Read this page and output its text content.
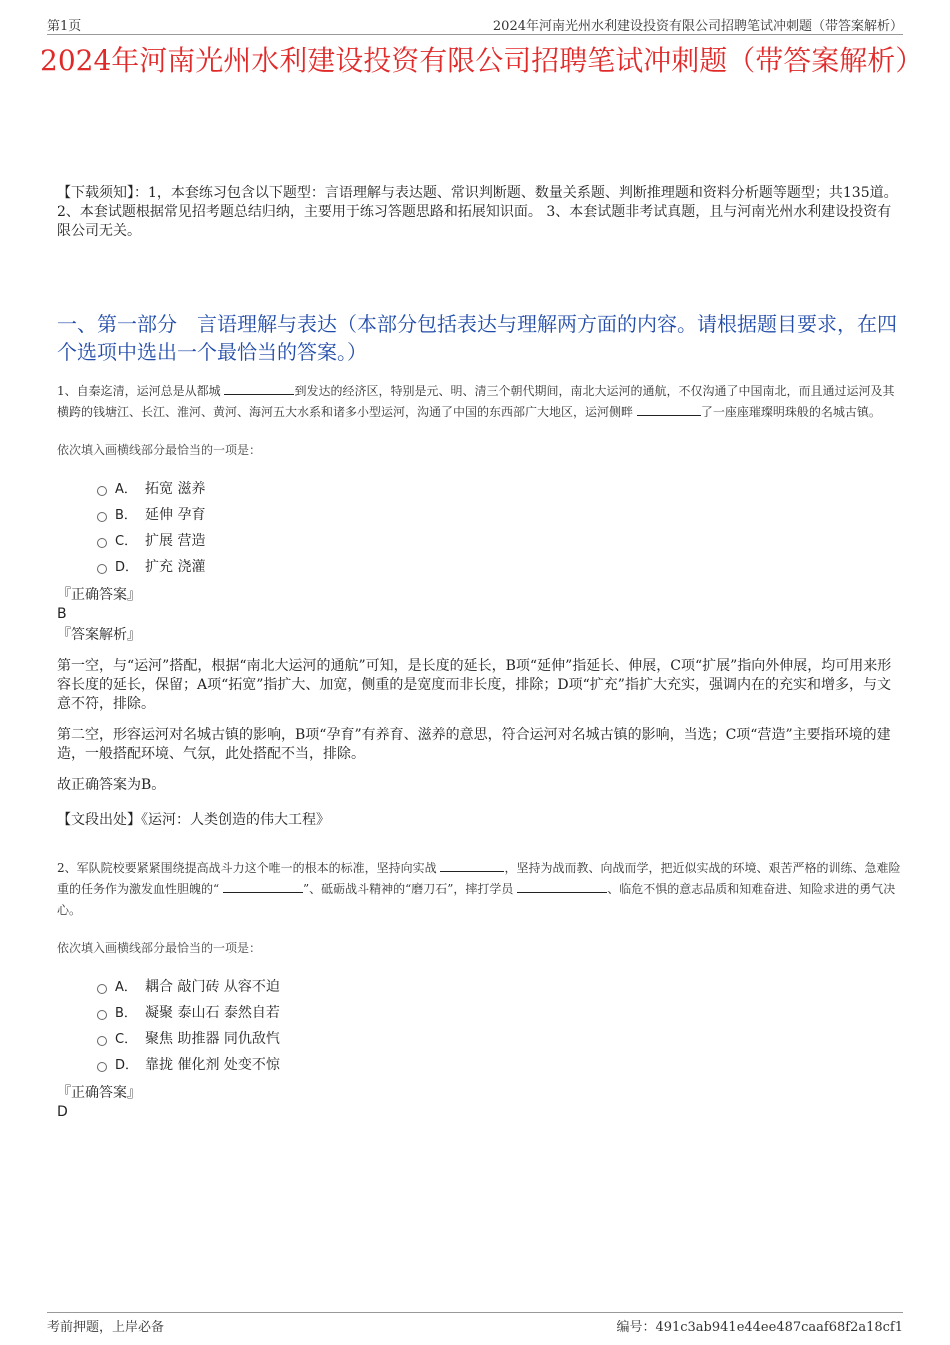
第1页	2024年河南光州水利建设投资有限公司招聘笔试冲刺题（带答案解析）
2024年河南光州水利建设投资有限公司招聘笔试冲刺题（带答案解析）
【下载须知】：1，本套练习包含以下题型：言语理解与表达题、常识判断题、数量关系题、判断推理题和资料分析题等题型；共135道。 2、本套试题根据常见招考题总结归纳，主要用于练习答题思路和拓展知识面。 3、本套试题非考试真题，且与河南光州水利建设投资有限公司无关。
一、第一部分　言语理解与表达（本部分包括表达与理解两方面的内容。请根据题目要求，在四个选项中选出一个最恰当的答案。）

1、自秦迄清，运河总是从都城	到发达的经济区，特别是元、明、清三个朝代期间，南北大运河的通航，不仅沟通了中国南北，而且通过运河及其横跨的钱塘江、长江、淮河、黄河、海河五大水系和诸多小型运河，沟通了中国的东西部广大地区，运河侧畔	了一座座璀璨明珠般的名城古镇。

依次填入画横线部分最恰当的一项是：
A． 拓宽 滋养
B． 延伸 孕育
C． 扩展 营造
D． 扩充 浇灌
『正确答案』
B
『答案解析』

第一空，与“运河”搭配，根据“南北大运河的通航”可知，是长度的延长，B项“延伸”指延长、伸展，C项“扩展”指向外伸展，均可用来形容长度的延长，保留；A项“拓宽”指扩大、加宽，侧重的是宽度而非长度，排除；D项“扩充”指扩大充实，强调内在的充实和增多，与文意不符，排除。

第二空，形容运河对名城古镇的影响，B项“孕育”有养育、滋养的意思，符合运河对名城古镇的影响，当选；C项“营造”主要指环境的建造，一般搭配环境、气氛，此处搭配不当，排除。

故正确答案为B。

【文段出处】《运河：人类创造的伟大工程》

2、军队院校要紧紧围绕提高战斗力这个唯一的根本的标准，坚持向实战	，坚持为战而教、向战而学，把近似实战的环境、艰苦严格的训练、急难险重的任务作为激发血性胆魄的“	”、砥砺战斗精神的“磨刀石”，摔打学员	、临危不惧的意志品质和知难奋进、知险求进的勇气决心。

依次填入画横线部分最恰当的一项是：
A． 耦合 敲门砖 从容不迫
B． 凝聚 泰山石 泰然自若
C． 聚焦 助推器 同仇敌忾
D． 靠拢 催化剂 处变不惊
『正确答案』
D
考前押题，上岸必备	编号：491c3ab941e44ee487caaf68f2a18cf1
